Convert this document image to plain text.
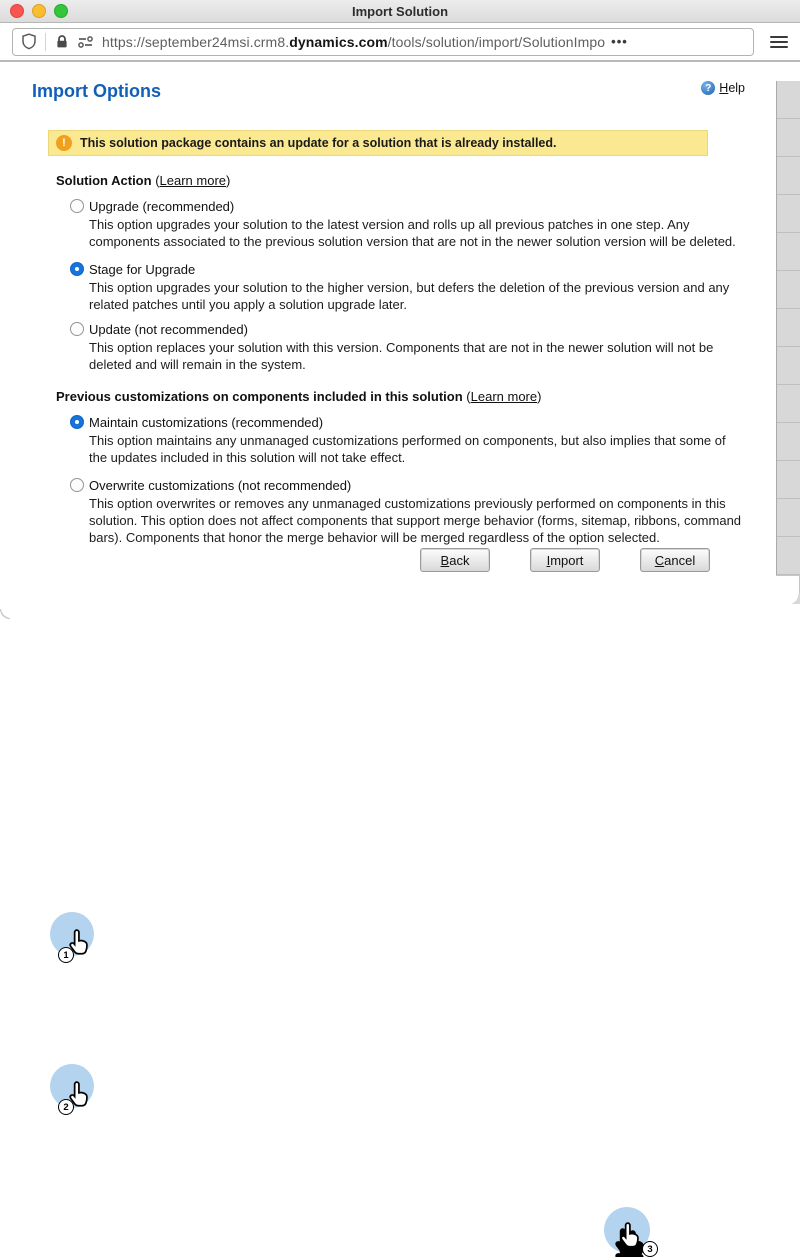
Import Solution
https://september24msi.crm8.dynamics.com/tools/solution/import/SolutionImpo •••
Import Options	? Help
!	This solution package contains an update for a solution that is already installed.
Solution Action (Learn more)
Upgrade (recommended)
This option upgrades your solution to the latest version and rolls up all previous patches in one step. Any components associated to the previous solution version that are not in the newer solution version will be deleted.
Stage for Upgrade
This option upgrades your solution to the higher version, but defers the deletion of the previous version and any related patches until you apply a solution upgrade later.
Update (not recommended)
This option replaces your solution with this version. Components that are not in the newer solution will not be deleted and will remain in the system.
Previous customizations on components included in this solution (Learn more)
Maintain customizations (recommended)
This option maintains any unmanaged customizations performed on components, but also implies that some of the updates included in this solution will not take effect.
Overwrite customizations (not recommended)
This option overwrites or removes any unmanaged customizations previously performed on components in this solution. This option does not affect components that support merge behavior (forms, sitemap, ribbons, command bars). Components that honor the merge behavior will be merged regardless of the option selected.
B ack	I mport	C ancel
1
2
3
